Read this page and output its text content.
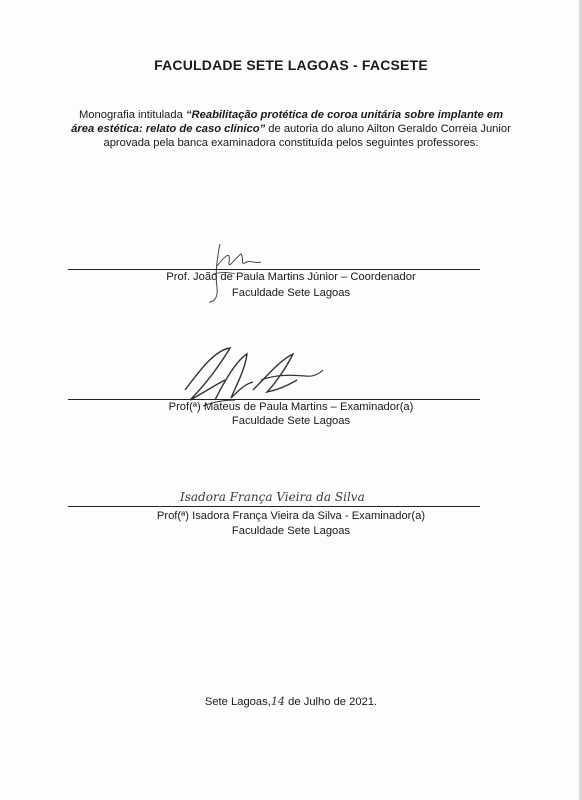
FACULDADE SETE LAGOAS - FACSETE
Monografia intitulada “Reabilitação protética de coroa unitária sobre implante em área estética: relato de caso clínico” de autoria do aluno Ailton Geraldo Correia Junior aprovada pela banca examinadora constituída pelos seguintes professores:
Prof. João de Paula Martins Júnior – Coordenador
Faculdade Sete Lagoas
Prof(ª) Mateus de Paula Martins – Examinador(a)
Faculdade Sete Lagoas
Isadora França Vieira da Silva
Prof(ª) Isadora França Vieira da Silva - Examinador(a)
Faculdade Sete Lagoas
Sete Lagoas,14 de Julho de 2021.
